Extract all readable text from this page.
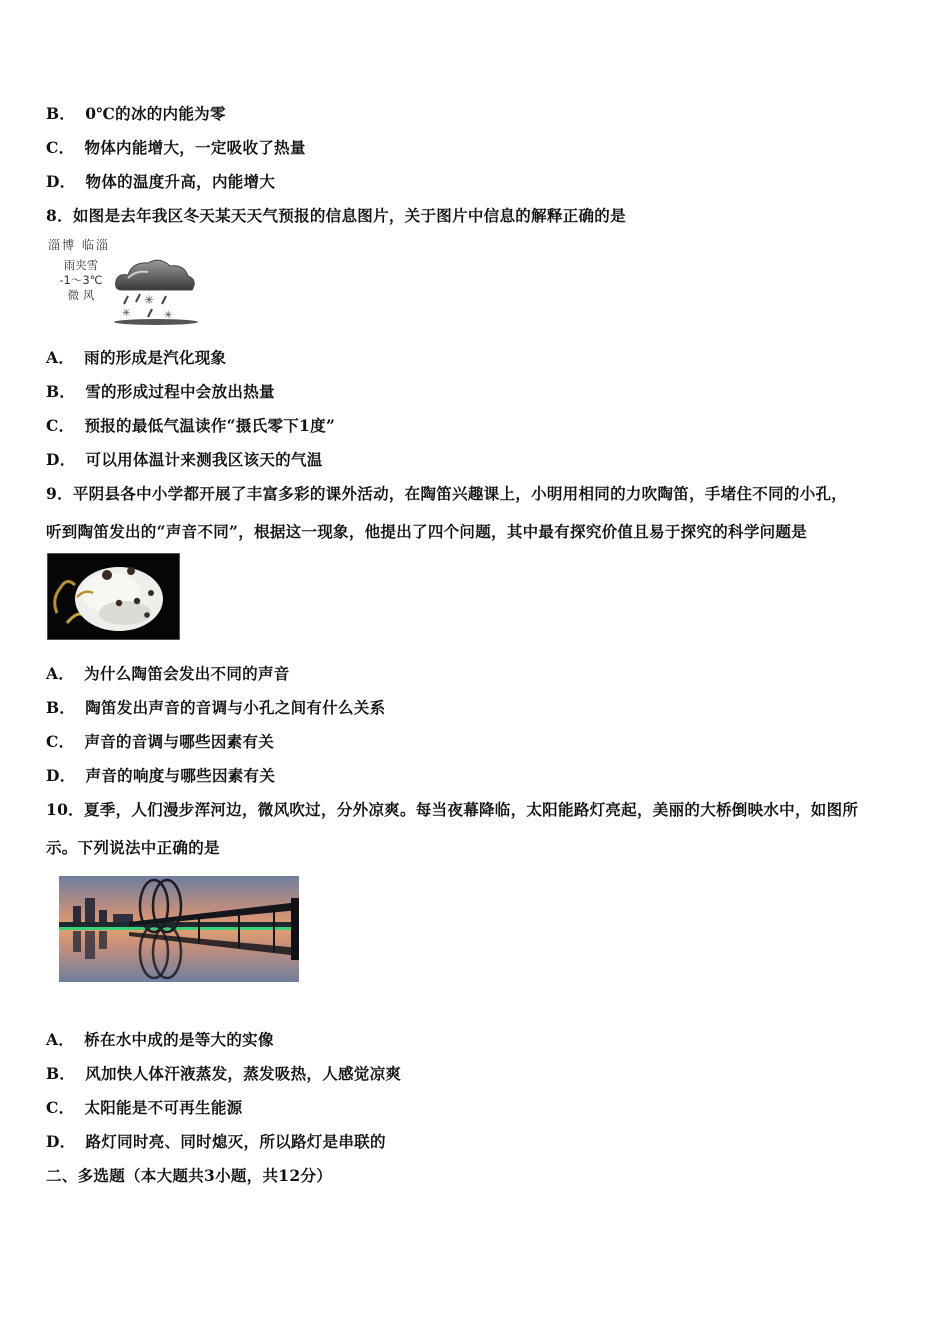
B． 0℃的冰的内能为零
C． 物体内能增大，一定吸收了热量
D． 物体的温度升高，内能增大
8．如图是去年我区冬天某天天气预报的信息图片，关于图片中信息的解释正确的是
淄博 临淄
雨夹雪
-1～3℃
微 风	✳
✳	✳
A． 雨的形成是汽化现象
B． 雪的形成过程中会放出热量
C． 预报的最低气温读作“摄氏零下1度”
D． 可以用体温计来测我区该天的气温
9．平阴县各中小学都开展了丰富多彩的课外活动，在陶笛兴趣课上，小明用相同的力吹陶笛，手堵住不同的小孔，
听到陶笛发出的“声音不同”，根据这一现象，他提出了四个问题，其中最有探究价值且易于探究的科学问题是
A． 为什么陶笛会发出不同的声音
B． 陶笛发出声音的音调与小孔之间有什么关系
C． 声音的音调与哪些因素有关
D． 声音的响度与哪些因素有关
10．夏季，人们漫步浑河边，微风吹过，分外凉爽。每当夜幕降临，太阳能路灯亮起，美丽的大桥倒映水中，如图所
示。下列说法中正确的是
A． 桥在水中成的是等大的实像
B． 风加快人体汗液蒸发，蒸发吸热，人感觉凉爽
C． 太阳能是不可再生能源
D． 路灯同时亮、同时熄灭，所以路灯是串联的
二、多选题（本大题共3小题，共12分）
